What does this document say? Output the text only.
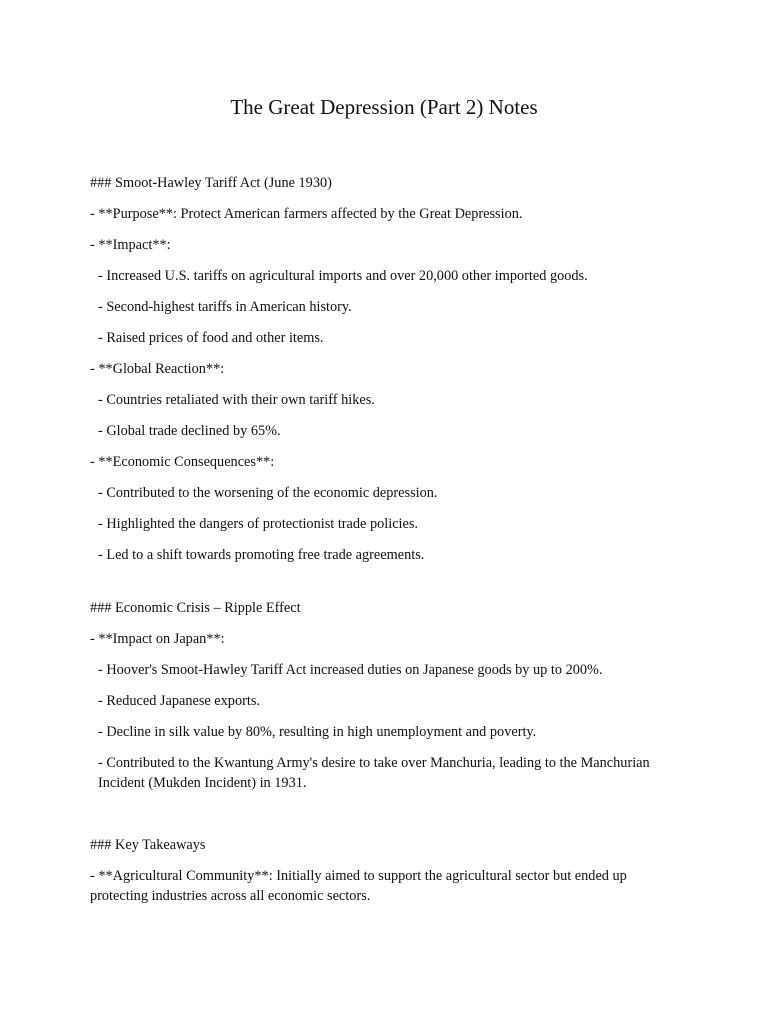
The Great Depression (Part 2) Notes
### Smoot-Hawley Tariff Act (June 1930)
- **Purpose**: Protect American farmers affected by the Great Depression.
- **Impact**:
- Increased U.S. tariffs on agricultural imports and over 20,000 other imported goods.
- Second-highest tariffs in American history.
- Raised prices of food and other items.
- **Global Reaction**:
- Countries retaliated with their own tariff hikes.
- Global trade declined by 65%.
- **Economic Consequences**:
- Contributed to the worsening of the economic depression.
- Highlighted the dangers of protectionist trade policies.
- Led to a shift towards promoting free trade agreements.
### Economic Crisis – Ripple Effect
- **Impact on Japan**:
- Hoover's Smoot-Hawley Tariff Act increased duties on Japanese goods by up to 200%.
- Reduced Japanese exports.
- Decline in silk value by 80%, resulting in high unemployment and poverty.
- Contributed to the Kwantung Army's desire to take over Manchuria, leading to the Manchurian Incident (Mukden Incident) in 1931.
### Key Takeaways
- **Agricultural Community**: Initially aimed to support the agricultural sector but ended up protecting industries across all economic sectors.
